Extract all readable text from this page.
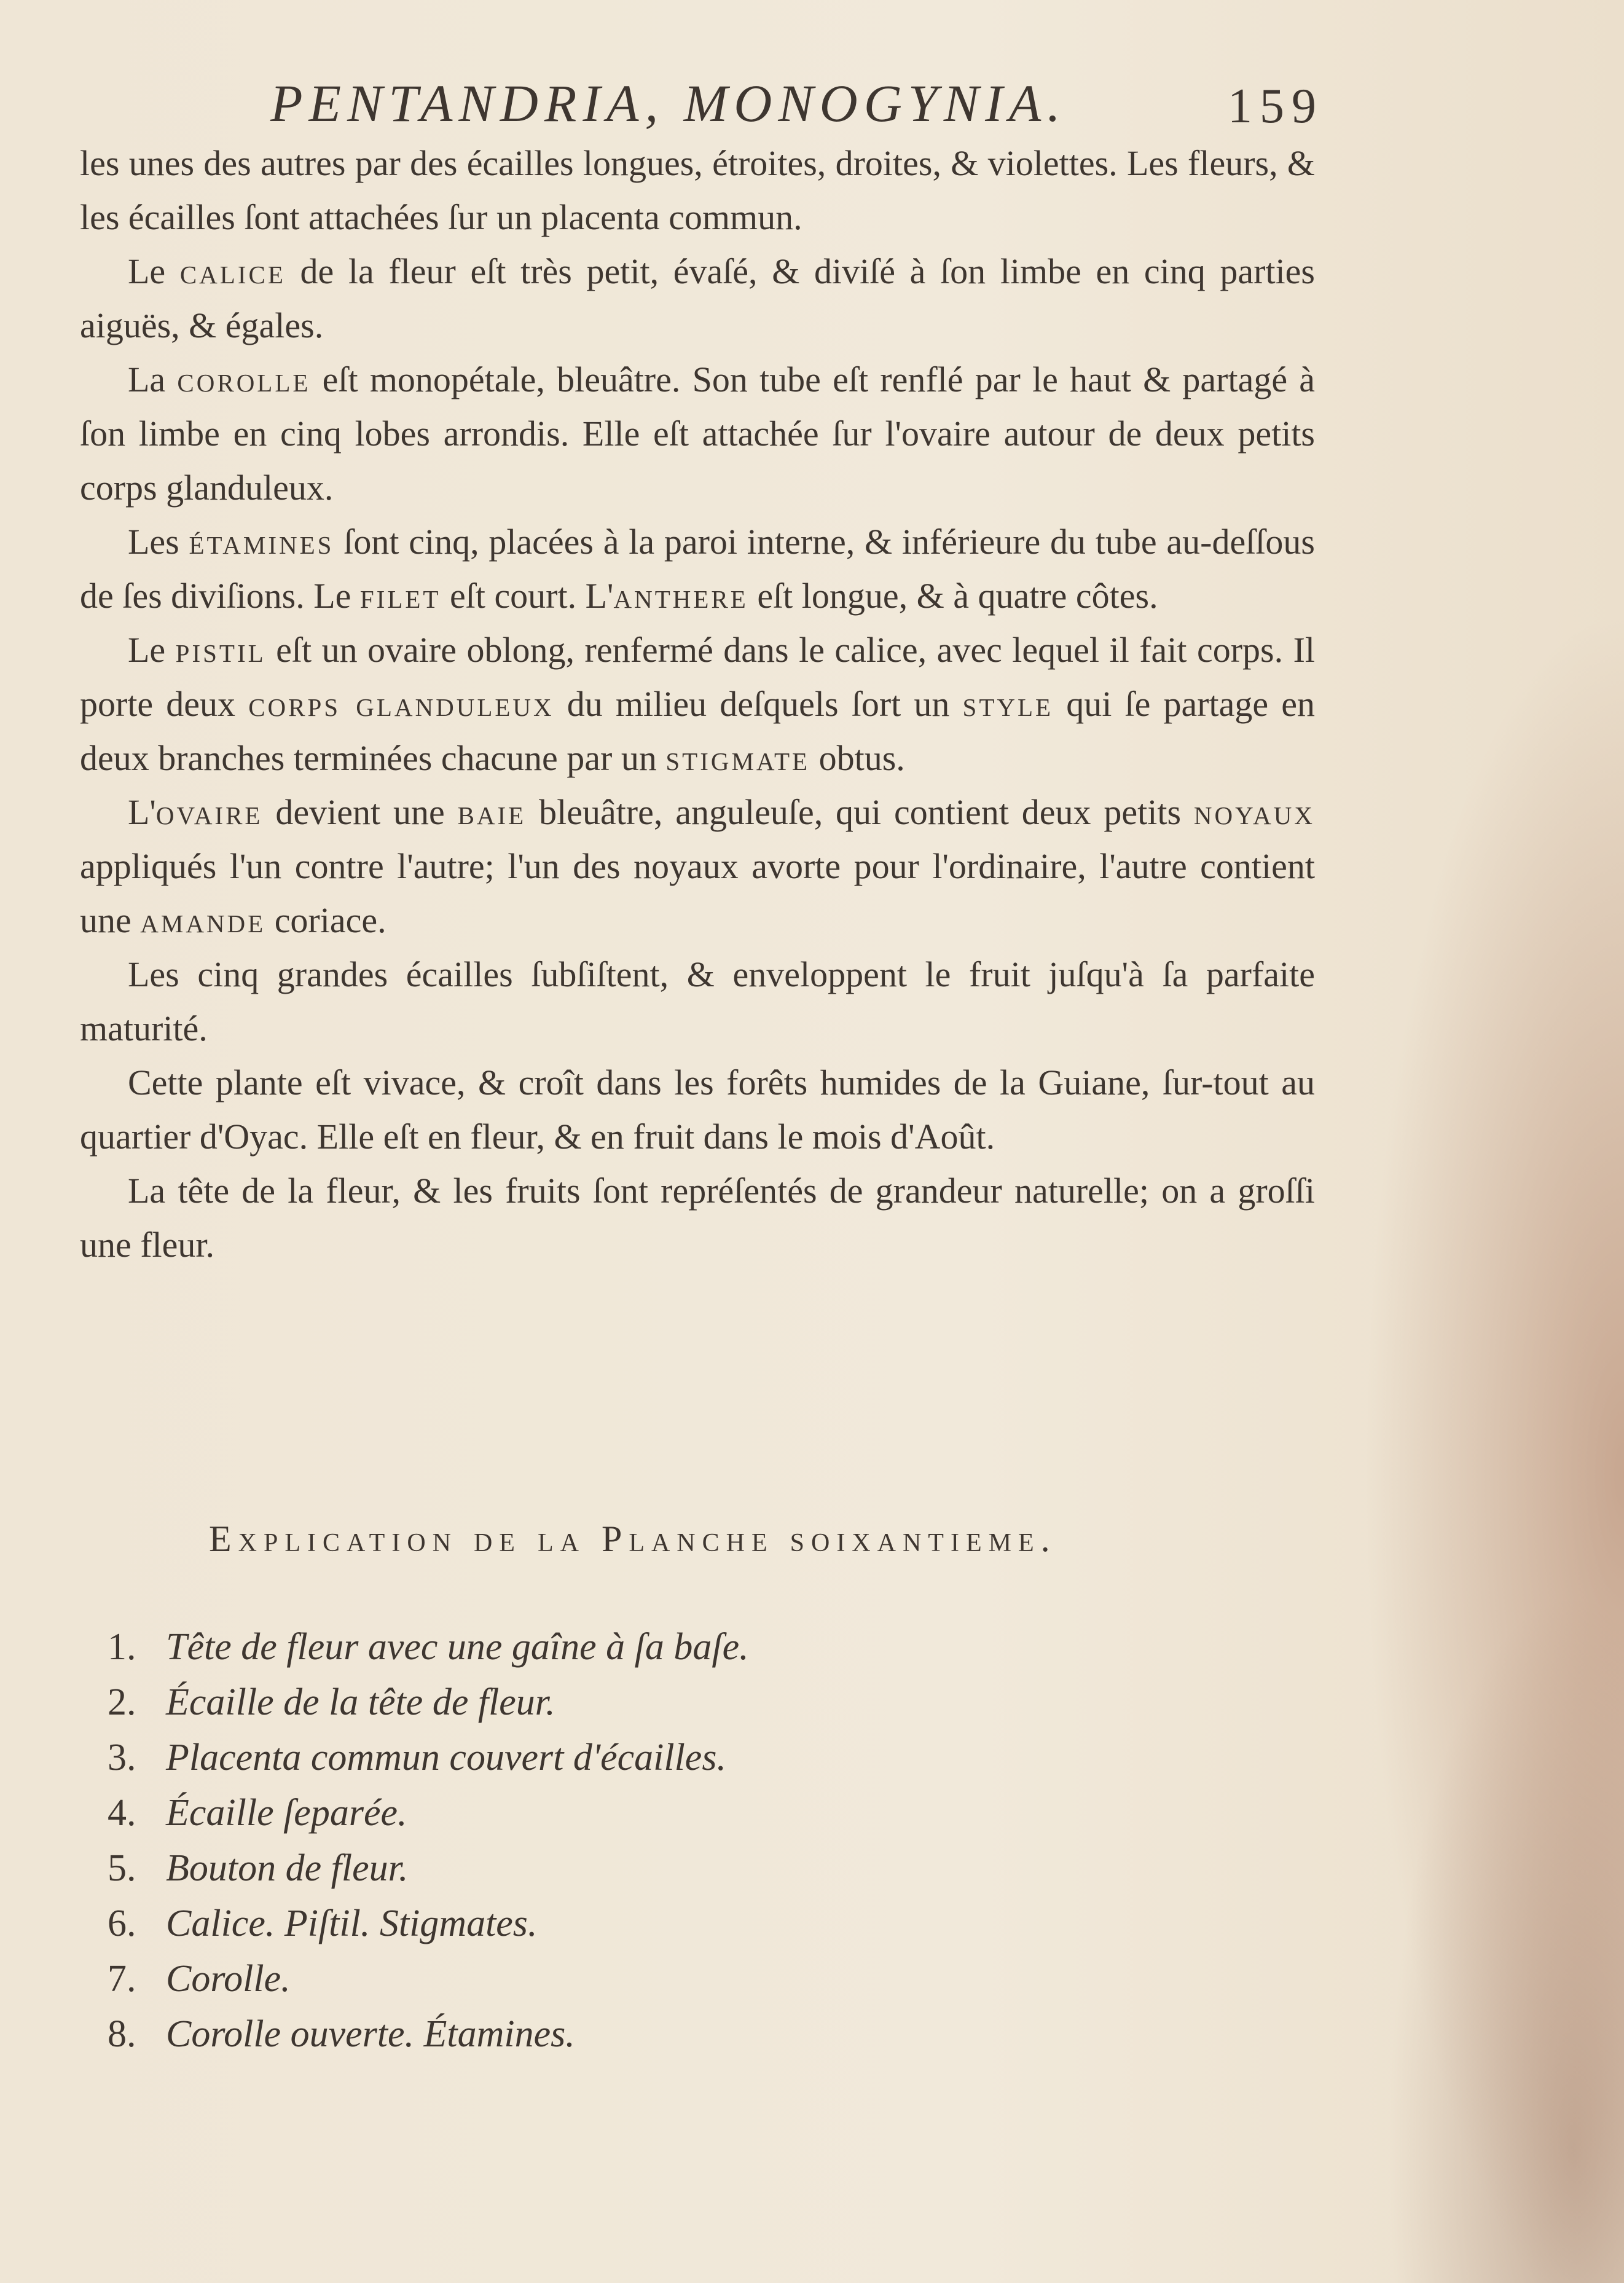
PENTANDRIA, MONOGYNIA.	159

les unes des autres par des écailles longues, étroites, droites, & violettes. Les fleurs, & les écailles ſont attachées ſur un placenta commun.

Le calice de la fleur eſt très petit, évaſé, & diviſé à ſon limbe en cinq parties aiguës, & égales.

La corolle eſt monopétale, bleuâtre. Son tube eſt renflé par le haut & partagé à ſon limbe en cinq lobes arrondis. Elle eſt attachée ſur l'ovaire autour de deux petits corps glanduleux.

Les étamines ſont cinq, placées à la paroi interne, & inférieure du tube au-deſſous de ſes diviſions. Le filet eſt court. L'anthere eſt longue, & à quatre côtes.

Le pistil eſt un ovaire oblong, renfermé dans le calice, avec lequel il fait corps. Il porte deux corps glanduleux du milieu deſquels ſort un style qui ſe partage en deux branches terminées chacune par un stigmate obtus.

L'ovaire devient une baie bleuâtre, anguleuſe, qui contient deux petits noyaux appliqués l'un contre l'autre; l'un des noyaux avorte pour l'ordinaire, l'autre contient une amande coriace.

Les cinq grandes écailles ſubſiſtent, & enveloppent le fruit juſqu'à ſa parfaite maturité.

Cette plante eſt vivace, & croît dans les forêts humides de la Guiane, ſur-tout au quartier d'Oyac. Elle eſt en fleur, & en fruit dans le mois d'Août.

La tête de la fleur, & les fruits ſont repréſentés de grandeur naturelle; on a groſſi une fleur.

Explication de la Planche soixantieme.
1. Tête de fleur avec une gaîne à ſa baſe.
2. Écaille de la tête de fleur.
3. Placenta commun couvert d'écailles.
4. Écaille ſeparée.
5. Bouton de fleur.
6. Calice. Piſtil. Stigmates.
7. Corolle.
8. Corolle ouverte. Étamines.
